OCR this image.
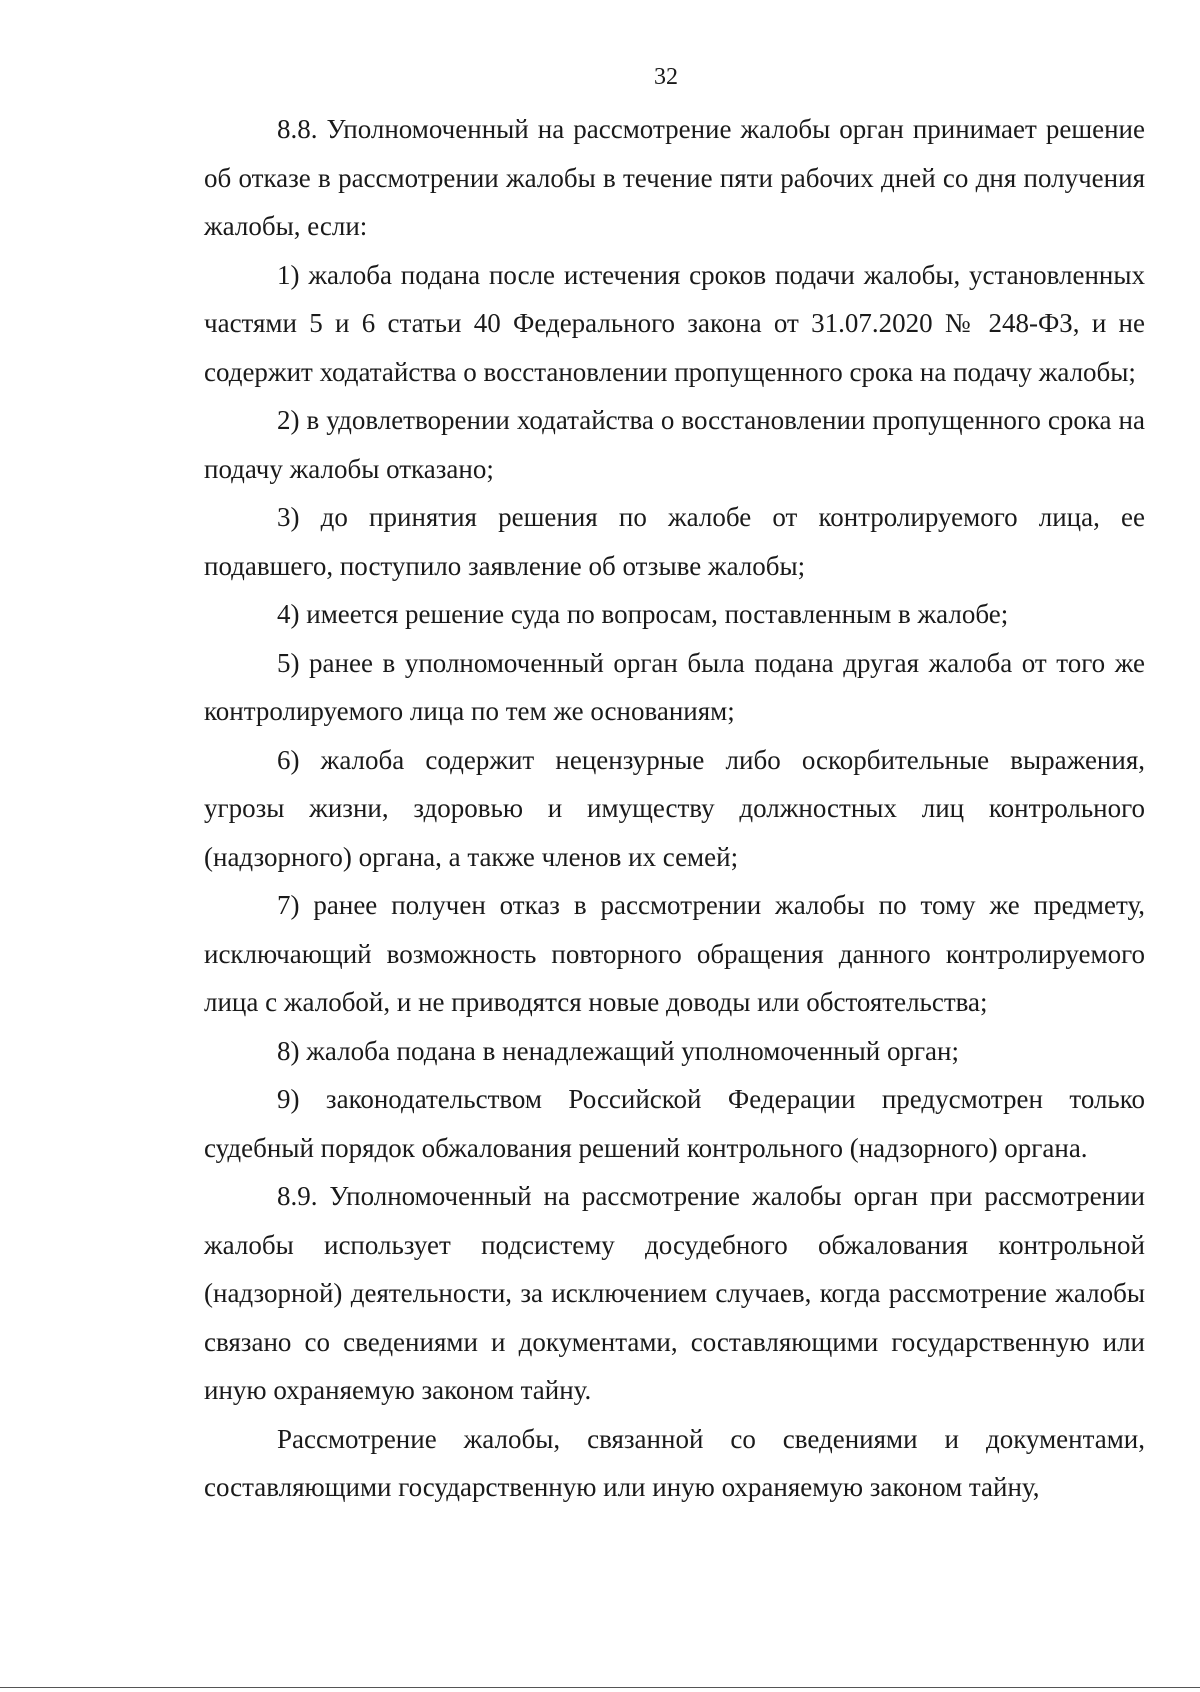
32

8.8. Уполномоченный на рассмотрение жалобы орган принимает решение об отказе в рассмотрении жалобы в течение пяти рабочих дней со дня получения жалобы, если:

1) жалоба подана после истечения сроков подачи жалобы, установленных частями 5 и 6 статьи 40 Федерального закона от 31.07.2020 № 248-ФЗ, и не содержит ходатайства о восстановлении пропущенного срока на подачу жалобы;

2) в удовлетворении ходатайства о восстановлении пропущенного срока на подачу жалобы отказано;

3) до принятия решения по жалобе от контролируемого лица, ее подавшего, поступило заявление об отзыве жалобы;

4) имеется решение суда по вопросам, поставленным в жалобе;

5) ранее в уполномоченный орган была подана другая жалоба от того же контролируемого лица по тем же основаниям;

6) жалоба содержит нецензурные либо оскорбительные выражения, угрозы жизни, здоровью и имуществу должностных лиц контрольного (надзорного) органа, а также членов их семей;

7) ранее получен отказ в рассмотрении жалобы по тому же предмету, исключающий возможность повторного обращения данного контролируемого лица с жалобой, и не приводятся новые доводы или обстоятельства;

8) жалоба подана в ненадлежащий уполномоченный орган;

9) законодательством Российской Федерации предусмотрен только судебный порядок обжалования решений контрольного (надзорного) органа.

8.9. Уполномоченный на рассмотрение жалобы орган при рассмотрении жалобы использует подсистему досудебного обжалования контрольной (надзорной) деятельности, за исключением случаев, когда рассмотрение жалобы связано со сведениями и документами, составляющими государственную или иную охраняемую законом тайну.

Рассмотрение жалобы, связанной со сведениями и документами, составляющими государственную или иную охраняемую законом тайну,
